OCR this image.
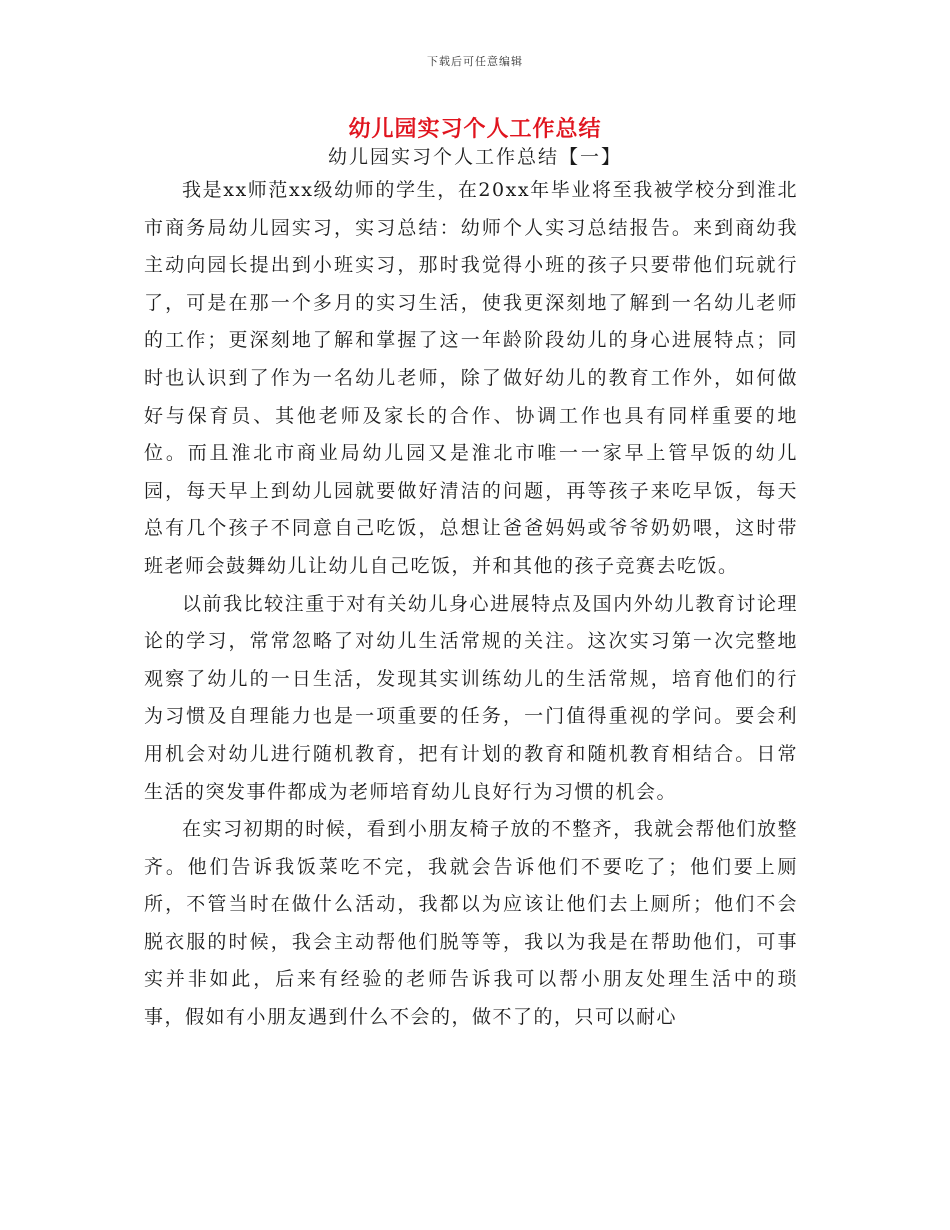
下载后可任意编辑
幼儿园实习个人工作总结
幼儿园实习个人工作总结【一】

我是xx师范xx级幼师的学生，在20xx年毕业将至我被学校分到淮北市商务局幼儿园实习，实习总结：幼师个人实习总结报告。来到商幼我主动向园长提出到小班实习，那时我觉得小班的孩子只要带他们玩就行了，可是在那一个多月的实习生活，使我更深刻地了解到一名幼儿老师的工作；更深刻地了解和掌握了这一年龄阶段幼儿的身心进展特点；同时也认识到了作为一名幼儿老师，除了做好幼儿的教育工作外，如何做好与保育员、其他老师及家长的合作、协调工作也具有同样重要的地位。而且淮北市商业局幼儿园又是淮北市唯一一家早上管早饭的幼儿园，每天早上到幼儿园就要做好清洁的问题，再等孩子来吃早饭，每天总有几个孩子不同意自己吃饭，总想让爸爸妈妈或爷爷奶奶喂，这时带班老师会鼓舞幼儿让幼儿自己吃饭，并和其他的孩子竞赛去吃饭。

以前我比较注重于对有关幼儿身心进展特点及国内外幼儿教育讨论理论的学习，常常忽略了对幼儿生活常规的关注。这次实习第一次完整地观察了幼儿的一日生活，发现其实训练幼儿的生活常规，培育他们的行为习惯及自理能力也是一项重要的任务，一门值得重视的学问。要会利用机会对幼儿进行随机教育，把有计划的教育和随机教育相结合。日常生活的突发事件都成为老师培育幼儿良好行为习惯的机会。

在实习初期的时候，看到小朋友椅子放的不整齐，我就会帮他们放整齐。他们告诉我饭菜吃不完，我就会告诉他们不要吃了；他们要上厕所，不管当时在做什么活动，我都以为应该让他们去上厕所；他们不会脱衣服的时候，我会主动帮他们脱等等，我以为我是在帮助他们，可事实并非如此，后来有经验的老师告诉我可以帮小朋友处理生活中的琐事，假如有小朋友遇到什么不会的，做不了的，只可以耐心
